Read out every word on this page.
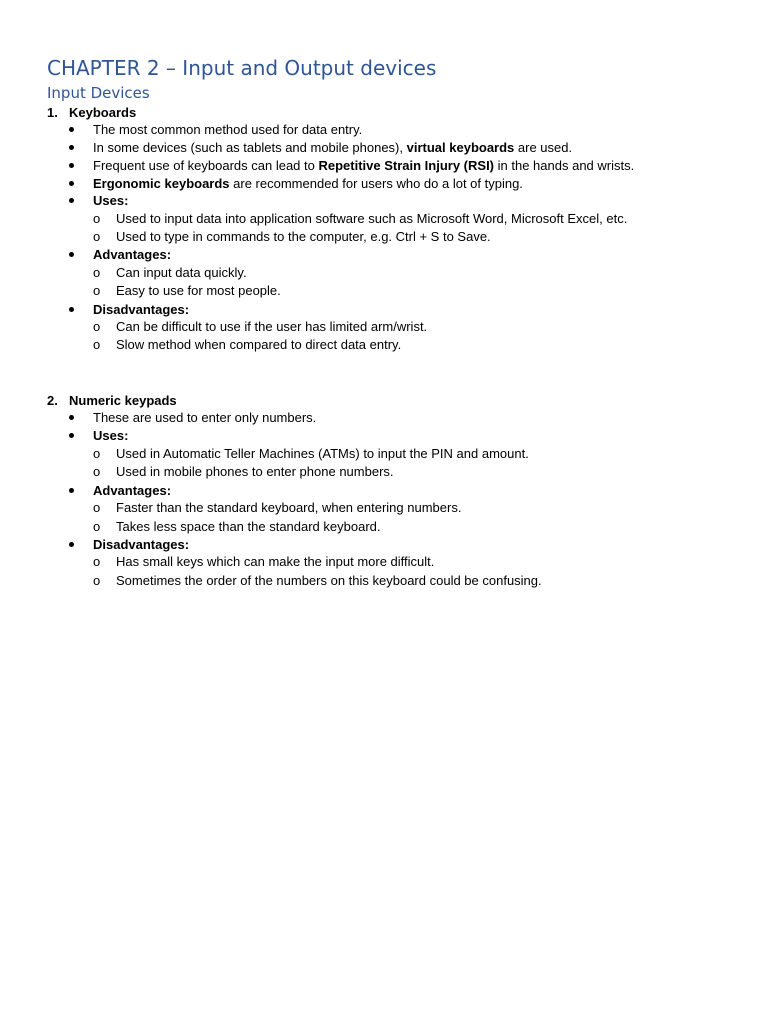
CHAPTER 2 – Input and Output devices
Input Devices
1. Keyboards
The most common method used for data entry.
In some devices (such as tablets and mobile phones), virtual keyboards are used.
Frequent use of keyboards can lead to Repetitive Strain Injury (RSI) in the hands and wrists.
Ergonomic keyboards are recommended for users who do a lot of typing.
Uses:
o Used to input data into application software such as Microsoft Word, Microsoft Excel, etc.
o Used to type in commands to the computer, e.g. Ctrl + S to Save.
Advantages:
o Can input data quickly.
o Easy to use for most people.
Disadvantages:
o Can be difficult to use if the user has limited arm/wrist.
o Slow method when compared to direct data entry.
2. Numeric keypads
These are used to enter only numbers.
Uses:
o Used in Automatic Teller Machines (ATMs) to input the PIN and amount.
o Used in mobile phones to enter phone numbers.
Advantages:
o Faster than the standard keyboard, when entering numbers.
o Takes less space than the standard keyboard.
Disadvantages:
o Has small keys which can make the input more difficult.
o Sometimes the order of the numbers on this keyboard could be confusing.
